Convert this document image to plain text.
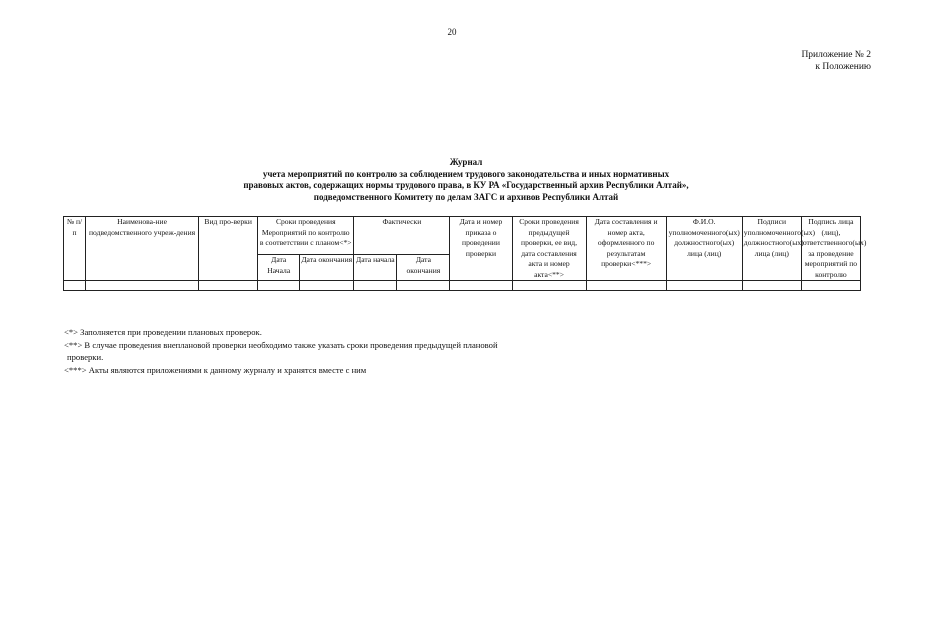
20
Приложение № 2
к Положению
Журнал
учета мероприятий по контролю за соблюдением трудового законодательства и иных нормативных
правовых актов, содержащих нормы трудового права, в КУ РА «Государственный архив Республики Алтай»,
подведомственного Комитету по делам ЗАГС и архивов Республики Алтай
№ п/п	Наименова-ние подведомственного учреж-дения	Вид про-верки	Сроки проведения Мероприятий по контролю в соответствии с планом<*>		Фактически		Дата и номер приказа о проведении проверки	Сроки проведения предыдущей проверки, ее вид, дата составления акта и номер акта<**>	Дата составления и номер акта, оформленного по результатам проверки<***>	Ф.И.О. уполномоченного(ых) должностного(ых) лица (лиц)	Подписи уполномоченного(ых) должностного(ых) лица (лиц)	Подпись лица (лиц), ответственного(ых) за проведение мероприятий по контролю
			Дата Начала	Дата окончания	Дата начала	Дата окончания						

<*> Заполняется при проведении плановых проверок.
<**> В случае проведения внеплановой проверки необходимо также указать сроки проведения предыдущей плановой
проверки.
<***> Акты являются приложениями к данному журналу и хранятся вместе с ним
